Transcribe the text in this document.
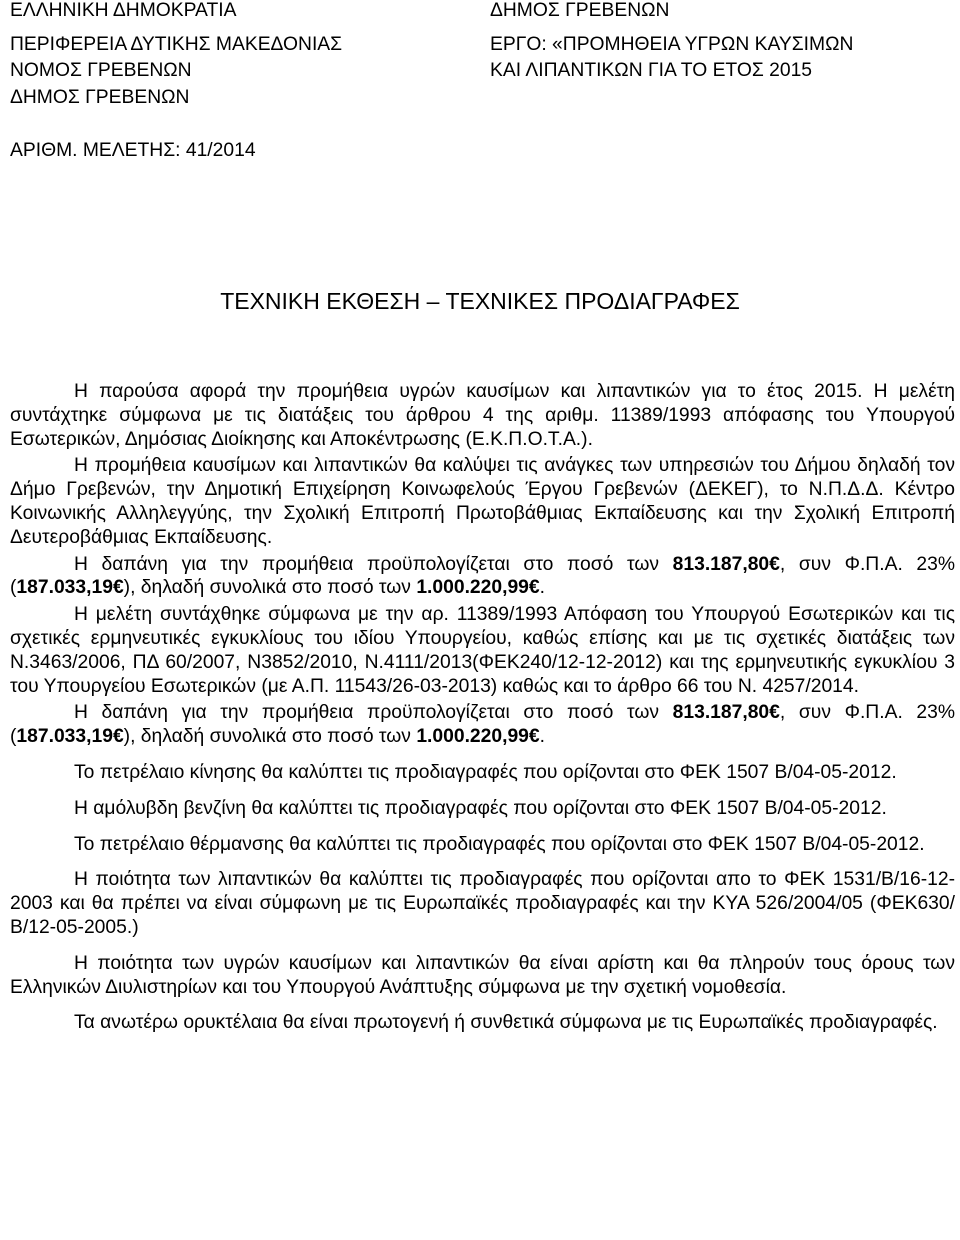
ΕΛΛΗΝΙΚΗ ΔΗΜΟΚΡΑΤΙΑ
ΠΕΡΙΦΕΡΕΙΑ ΔΥΤΙΚΗΣ ΜΑΚΕΔΟΝΙΑΣ
ΝΟΜΟΣ ΓΡΕΒΕΝΩΝ
ΔΗΜΟΣ ΓΡΕΒΕΝΩΝ
ΔΗΜΟΣ ΓΡΕΒΕΝΩΝ
ΕΡΓΟ: «ΠΡΟΜΗΘΕΙΑ ΥΓΡΩΝ ΚΑΥΣΙΜΩΝ
ΚΑΙ ΛΙΠΑΝΤΙΚΩΝ ΓΙΑ ΤΟ ΕΤΟΣ 2015
ΑΡΙΘΜ. ΜΕΛΕΤΗΣ: 41/2014
ΤΕΧΝΙΚΗ ΕΚΘΕΣΗ – ΤΕΧΝΙΚΕΣ ΠΡΟΔΙΑΓΡΑΦΕΣ

Η παρούσα αφορά την προμήθεια υγρών καυσίμων και λιπαντικών για το έτος 2015. Η μελέτη συντάχτηκε σύμφωνα με τις διατάξεις του άρθρου 4 της αριθμ. 11389/1993 απόφασης του Υπουργού Εσωτερικών, Δημόσιας Διοίκησης και Αποκέντρωσης (Ε.Κ.Π.Ο.Τ.Α.).

Η προμήθεια καυσίμων και λιπαντικών θα καλύψει τις ανάγκες των υπηρεσιών του Δήμου δηλαδή τον Δήμο Γρεβενών, την Δημοτική Επιχείρηση Κοινωφελούς Έργου Γρεβενών (ΔΕΚΕΓ), το Ν.Π.Δ.Δ. Κέντρο Κοινωνικής Αλληλεγγύης, την Σχολική Επιτροπή Πρωτοβάθμιας Εκπαίδευσης και την Σχολική Επιτροπή Δευτεροβάθμιας Εκπαίδευσης.

Η δαπάνη για την προμήθεια προϋπολογίζεται στο ποσό των 813.187,80€, συν Φ.Π.Α. 23% (187.033,19€), δηλαδή συνολικά στο ποσό των 1.000.220,99€.

Η μελέτη συντάχθηκε σύμφωνα με την αρ. 11389/1993 Απόφαση του Υπουργού Εσωτερικών και τις σχετικές ερμηνευτικές εγκυκλίους του ιδίου Υπουργείου, καθώς επίσης και με τις σχετικές διατάξεις των Ν.3463/2006, ΠΔ 60/2007, Ν3852/2010, Ν.4111/2013(ΦΕΚ240/12-12-2012) και της ερμηνευτικής εγκυκλίου 3 του Υπουργείου Εσωτερικών (με Α.Π. 11543/26-03-2013) καθώς και το άρθρο 66 του Ν. 4257/2014.

Η δαπάνη για την προμήθεια προϋπολογίζεται στο ποσό των 813.187,80€, συν Φ.Π.Α. 23% (187.033,19€), δηλαδή συνολικά στο ποσό των 1.000.220,99€.

Το πετρέλαιο κίνησης θα καλύπτει τις προδιαγραφές που ορίζονται στο ΦΕΚ 1507 Β/04-05-2012.

Η αμόλυβδη βενζίνη θα καλύπτει τις προδιαγραφές που ορίζονται στο ΦΕΚ 1507 Β/04-05-2012.

Το πετρέλαιο θέρμανσης θα καλύπτει τις προδιαγραφές που ορίζονται στο ΦΕΚ 1507 Β/04-05-2012.

Η ποιότητα των λιπαντικών θα καλύπτει τις προδιαγραφές που ορίζονται απο το ΦΕΚ 1531/Β/16-12-2003 και θα πρέπει να είναι σύμφωνη με τις Ευρωπαϊκές προδιαγραφές και την ΚΥΑ 526/2004/05 (ΦΕΚ630/Β/12-05-2005.)

Η ποιότητα των υγρών καυσίμων και λιπαντικών θα είναι αρίστη και θα πληρούν τους όρους των Ελληνικών Διυλιστηρίων και του Υπουργού Ανάπτυξης σύμφωνα με την σχετική νομοθεσία.

Τα ανωτέρω ορυκτέλαια θα είναι πρωτογενή ή συνθετικά σύμφωνα με τις Ευρωπαϊκές προδιαγραφές.
